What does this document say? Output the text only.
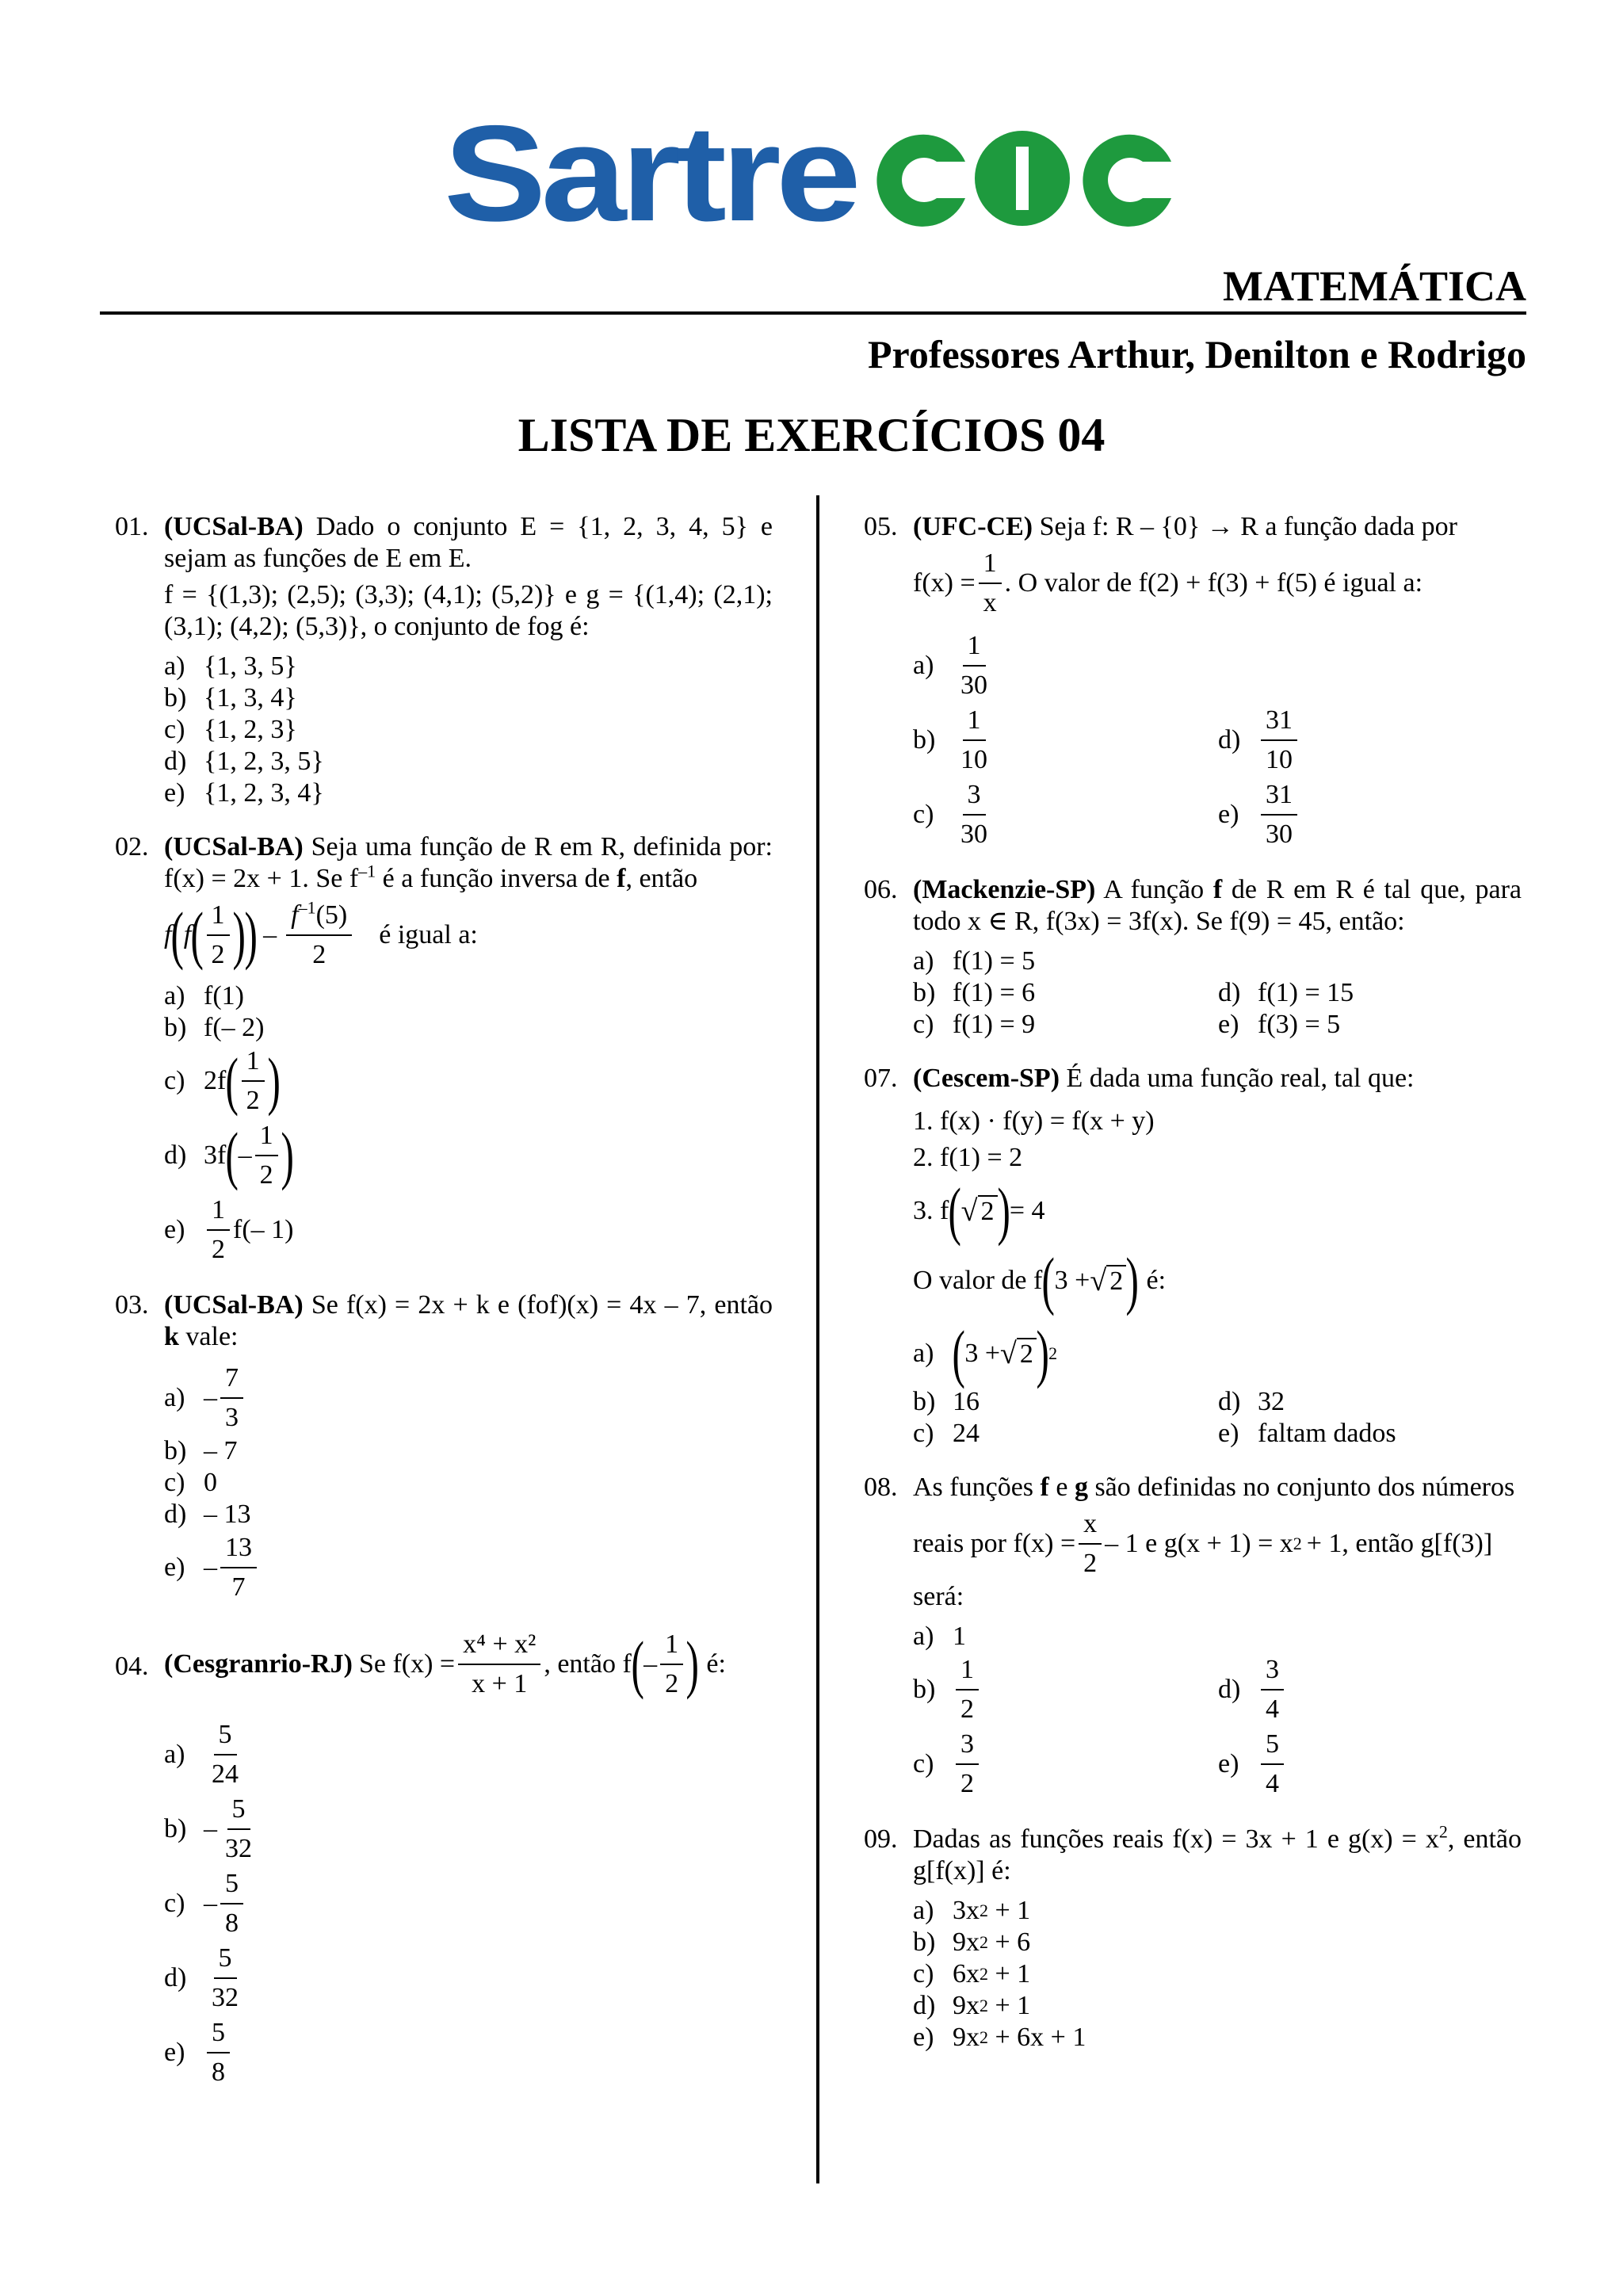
Sartre
MATEMÁTICA
Professores Arthur, Denilton e Rodrigo
LISTA DE EXERCÍCIOS 04
01. (UCSal-BA) Dado o conjunto E = {1, 2, 3, 4, 5} e sejam as funções de E em E.
f = {(1,3); (2,5); (3,3); (4,1); (5,2)} e g = {(1,4); (2,1); (3,1); (4,2); (5,3)}, o conjunto de fog é:
a) {1, 3, 5}
b) {1, 3, 4}
c) {1, 2, 3}
d) {1, 2, 3, 5}
e) {1, 2, 3, 4}
02. (UCSal-BA) Seja uma função de R em R, definida por: f(x) = 2x + 1. Se $f^{-1}$ é a função inversa de f, então
f ( f ( 1
2 )
) –
$f^{-1}(5)$
2
é igual a:
a) f(1)
b) f(– 2)
c) 2f ( 1
2 )
d) 3f ( –
1
2 )
e)
1
2
f(– 1)
03. (UCSal-BA) Se f(x) = 2x + k e (fof)(x) = 4x – 7, então k vale:
a) –
7
3
b) – 7
c) 0
d) – 13
e) –
13
7
04. (Cesgranrio-RJ) Se $f(x) = \frac{\text{x⁴ + x²}}{x + 1}$ , então f ( –
1
2 ) é:
a)
5
24
b) –
5
32
c) –
5
8
d)
5
32
e)
5
8
05. (UFC-CE) Seja f: R – {0} → R a função dada por
$f(x) = \frac{1}{x}$ . O valor de f(2) + f(3) + f(5) é igual a:
a)
1
30
b)
1
10
d)
31
10
c)
3
30
e)
31
30
06. (Mackenzie-SP) A função f de R em R é tal que, para todo x ∈ R, f(3x) = 3f(x). Se f(9) = 45, então:
a) f(1) = 5
b) f(1) = 6	d) f(1) = 15
c) f(1) = 9	e) f(3) = 5
07. (Cescem-SP) É dada uma função real, tal que:
1. f(x) · f(y) = f(x + y)
2. f(1) = 2
3. f ( √ 2 ) = 4
O valor de f ( 3 + √ 2 ) é:
a) ( 3 + √ 2 ) 2
b) 16	d) 32
c) 24	e) faltam dados
08. As funções f e g são definidas no conjunto dos números
reais por $f(x) = \frac{x}{2} - 1$ e g(x + 1) = x 2 + 1, então g[f(3)]
será:
a) 1
b)
1
2
d)
3
4
c)
3
2
e)
5
4
09. Dadas as funções reais f(x) = 3x + 1 e $g(x) = x^2$, então g[f(x)] é:
a) 3x 2
+ 1
b) 9x 2
+ 6
c) 6x 2
+ 1
d) 9x 2
+ 1
e) 9x 2
+ 6x + 1
